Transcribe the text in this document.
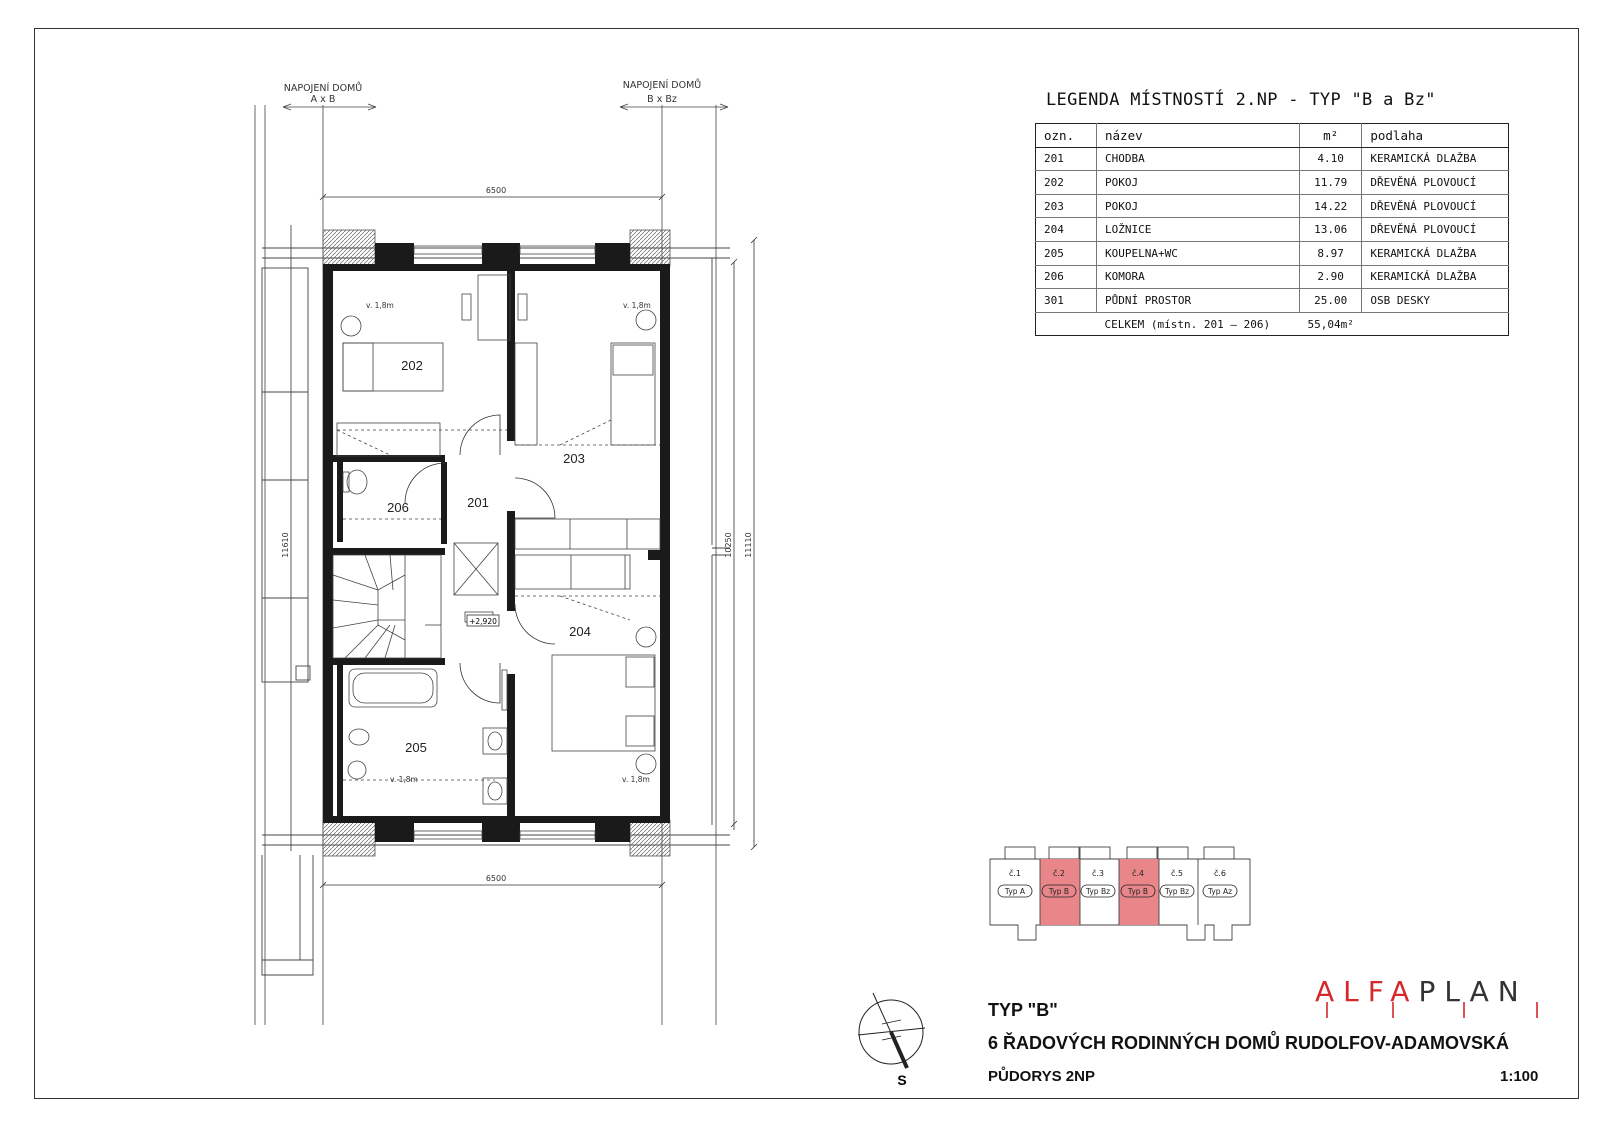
NAPOJENÍ DOMŮ
A x B
NAPOJENÍ DOMŮ
B x Bz
6500
6500
11610	10250 11110
202
203
201
206
204
205
v. 1,8m	v. 1,8m
v. 1,8m	v. 1,8m
+2,920
č.1	č.2	č.3	č.4	č.5	č.6
Typ A	Typ B Typ Bz Typ B Typ Bz	Typ Az
S
LEGENDA MÍSTNOSTÍ 2.NP - TYP "B a Bz"
ozn.	název	m²	podlaha
201	CHODBA	4.10	KERAMICKÁ DLAŽBA
202	POKOJ	11.79	DŘEVĚNÁ PLOVOUCÍ
203	POKOJ	14.22	DŘEVĚNÁ PLOVOUCÍ
204	LOŽNICE	13.06	DŘEVĚNÁ PLOVOUCÍ
205	KOUPELNA+WC	8.97	KERAMICKÁ DLAŽBA
206	KOMORA	2.90	KERAMICKÁ DLAŽBA
301	PŮDNÍ PROSTOR	25.00	OSB DESKY
	CELKEM (místn. 201 – 206)	55,04m²	
ALFAPLAN
TYP "B"
6 ŘADOVÝCH RODINNÝCH DOMŮ RUDOLFOV-ADAMOVSKÁ
PŮDORYS 2NP	1:100
